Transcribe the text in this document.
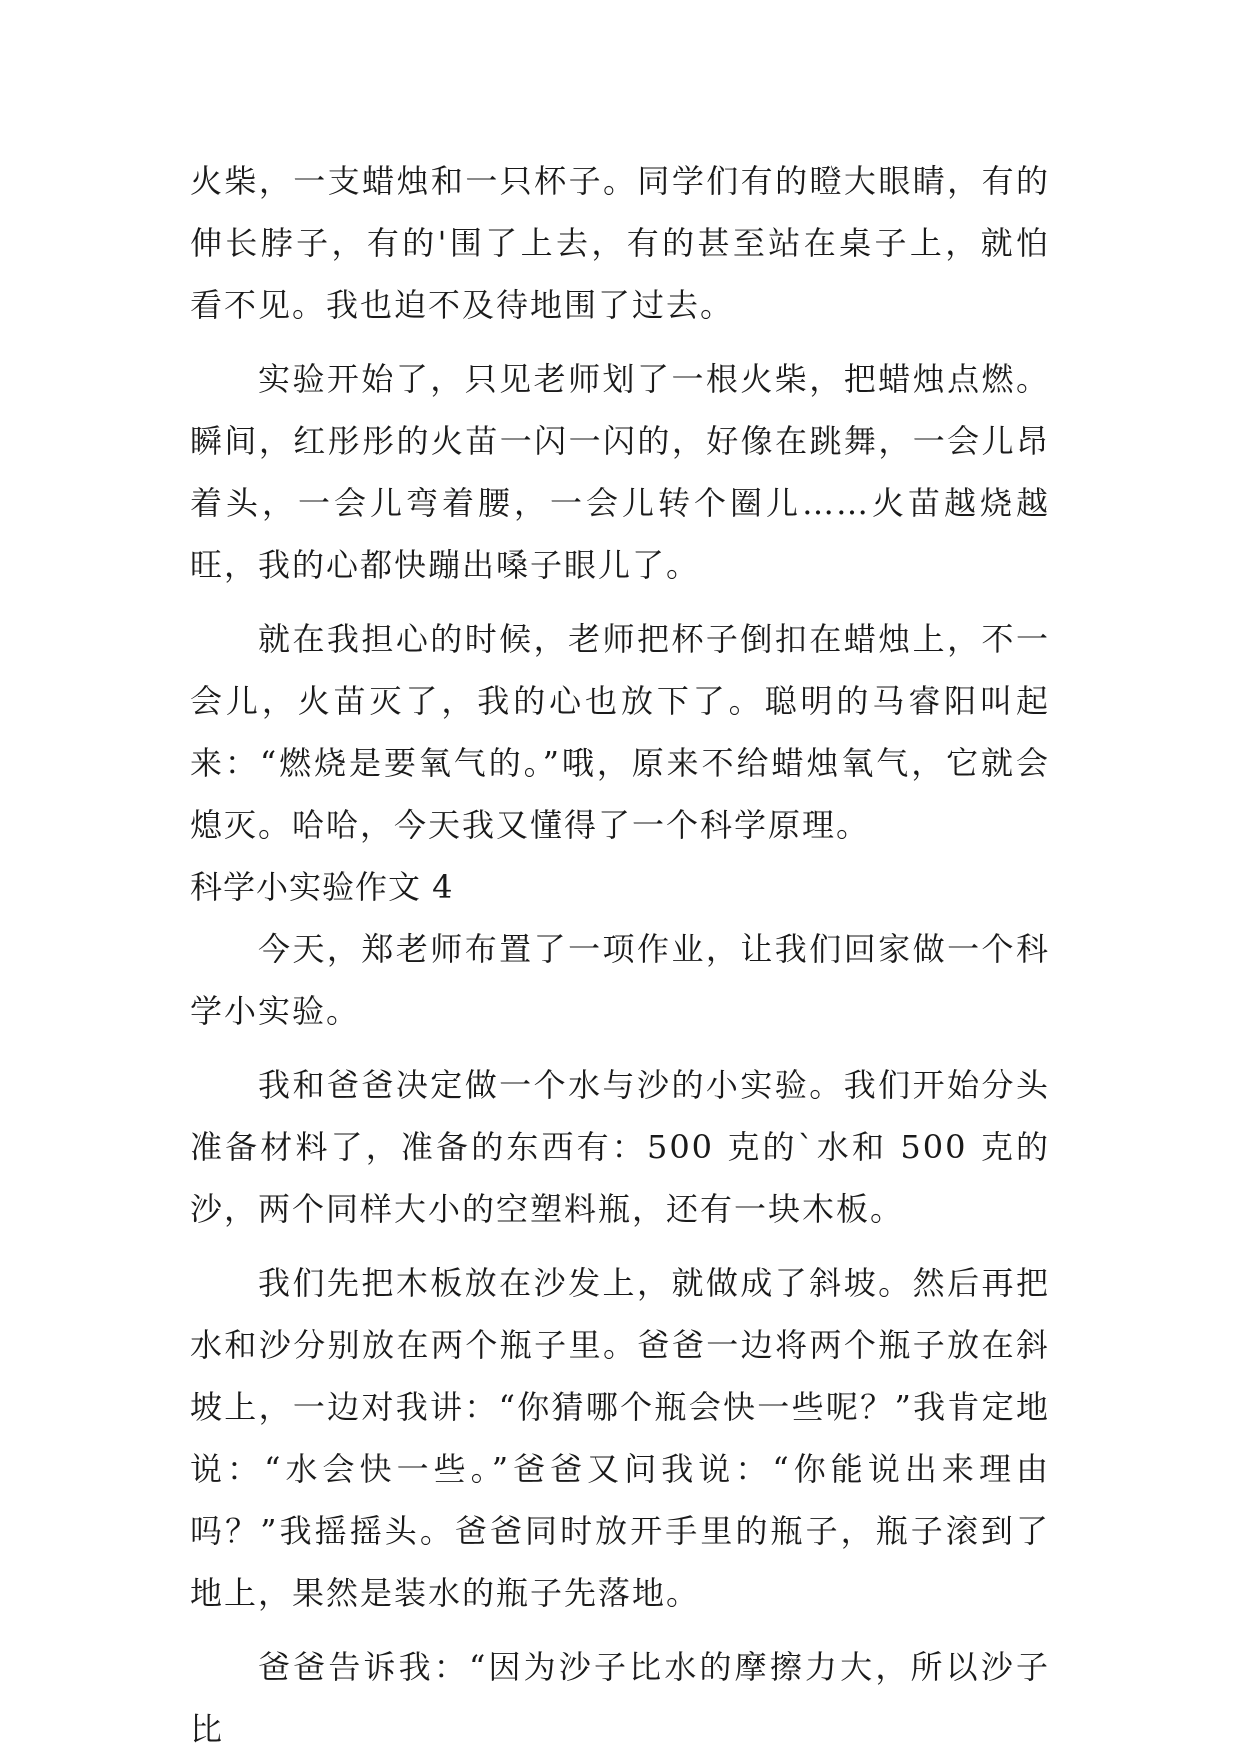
火柴，一支蜡烛和一只杯子。同学们有的瞪大眼睛，有的伸长脖子，有的'围了上去，有的甚至站在桌子上，就怕看不见。我也迫不及待地围了过去。

实验开始了，只见老师划了一根火柴，把蜡烛点燃。瞬间，红彤彤的火苗一闪一闪的，好像在跳舞，一会儿昂着头，一会儿弯着腰，一会儿转个圈儿……火苗越烧越旺，我的心都快蹦出嗓子眼儿了。

就在我担心的时候，老师把杯子倒扣在蜡烛上，不一会儿，火苗灭了，我的心也放下了。聪明的马睿阳叫起来：“燃烧是要氧气的。”哦，原来不给蜡烛氧气，它就会熄灭。哈哈，今天我又懂得了一个科学原理。

科学小实验作文 4

今天，郑老师布置了一项作业，让我们回家做一个科学小实验。

我和爸爸决定做一个水与沙的小实验。我们开始分头准备材料了，准备的东西有：500 克的`水和 500 克的沙，两个同样大小的空塑料瓶，还有一块木板。

我们先把木板放在沙发上，就做成了斜坡。然后再把水和沙分别放在两个瓶子里。爸爸一边将两个瓶子放在斜坡上，一边对我讲：“你猜哪个瓶会快一些呢？”我肯定地说：“水会快一些。”爸爸又问我说：“你能说出来理由吗？”我摇摇头。爸爸同时放开手里的瓶子，瓶子滚到了地上，果然是装水的瓶子先落地。

爸爸告诉我：“因为沙子比水的摩擦力大，所以沙子比
